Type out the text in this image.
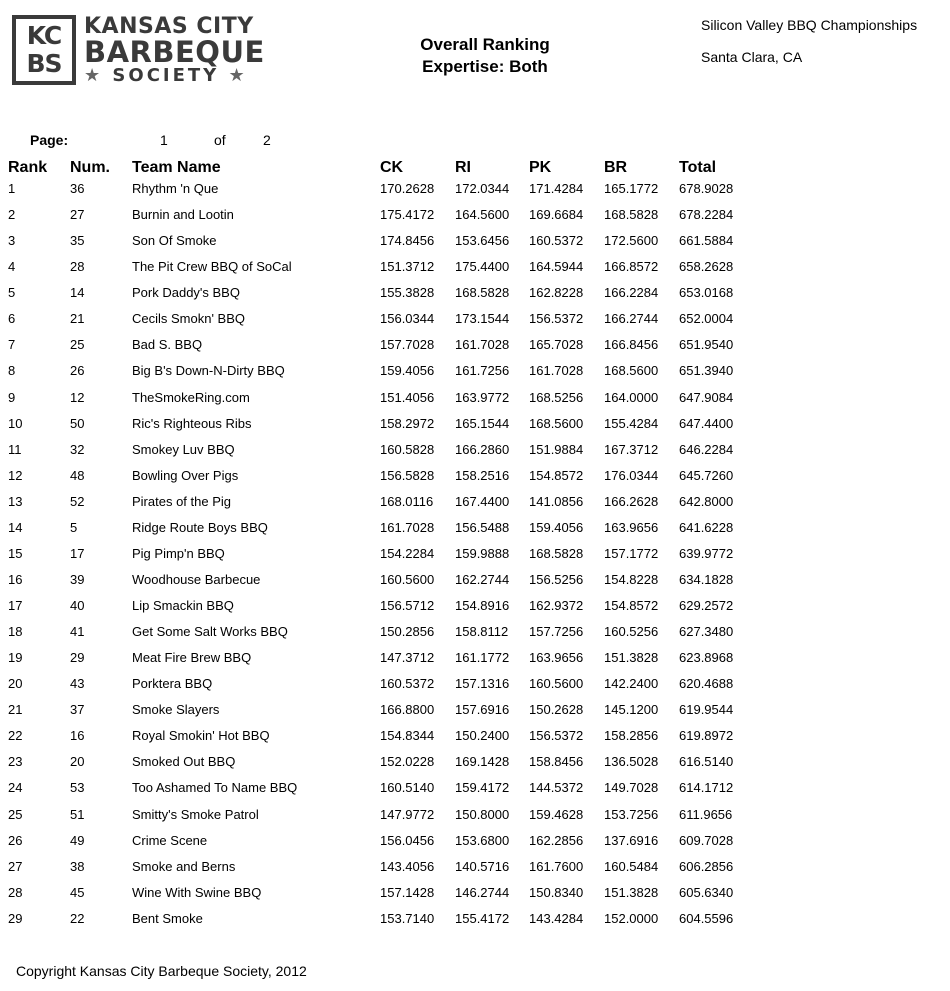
KC
BS
KANSAS CITY
BARBEQUE
★ SOCIETY ★
Overall Ranking
Expertise: Both
Silicon Valley BBQ Championships
Santa Clara, CA
Page:	1	of	2
Rank Num. Team Name	CK	RI	PK	BR	Total
1	36	Rhythm 'n Que	170.2628 172.0344 171.4284 165.1772 678.9028
2	27	Burnin and Lootin	175.4172 164.5600 169.6684 168.5828 678.2284
3	35	Son Of Smoke	174.8456 153.6456 160.5372 172.5600 661.5884
4	28	The Pit Crew BBQ of SoCal	151.3712 175.4400 164.5944 166.8572 658.2628
5	14	Pork Daddy's BBQ	155.3828 168.5828 162.8228 166.2284 653.0168
6	21	Cecils Smokn' BBQ	156.0344 173.1544 156.5372 166.2744 652.0004
7	25	Bad S. BBQ	157.7028 161.7028 165.7028 166.8456 651.9540
8	26	Big B's Down-N-Dirty BBQ	159.4056 161.7256 161.7028 168.5600 651.3940
9	12	TheSmokeRing.com	151.4056 163.9772 168.5256 164.0000 647.9084
10	50	Ric's Righteous Ribs	158.2972 165.1544 168.5600 155.4284 647.4400
11	32	Smokey Luv BBQ	160.5828 166.2860 151.9884 167.3712 646.2284
12	48	Bowling Over Pigs	156.5828 158.2516 154.8572 176.0344 645.7260
13	52	Pirates of the Pig	168.0116 167.4400 141.0856 166.2628 642.8000
14	5	Ridge Route Boys BBQ	161.7028 156.5488 159.4056 163.9656 641.6228
15	17	Pig Pimp'n BBQ	154.2284 159.9888 168.5828 157.1772 639.9772
16	39	Woodhouse Barbecue	160.5600 162.2744 156.5256 154.8228 634.1828
17	40	Lip Smackin BBQ	156.5712 154.8916 162.9372 154.8572 629.2572
18	41	Get Some Salt Works BBQ	150.2856 158.8112 157.7256 160.5256 627.3480
19	29	Meat Fire Brew BBQ	147.3712 161.1772 163.9656 151.3828 623.8968
20	43	Porktera BBQ	160.5372 157.1316 160.5600 142.2400 620.4688
21	37	Smoke Slayers	166.8800 157.6916 150.2628 145.1200 619.9544
22	16	Royal Smokin' Hot BBQ	154.8344 150.2400 156.5372 158.2856 619.8972
23	20	Smoked Out BBQ	152.0228 169.1428 158.8456 136.5028 616.5140
24	53	Too Ashamed To Name BBQ	160.5140 159.4172 144.5372 149.7028 614.1712
25	51	Smitty's Smoke Patrol	147.9772 150.8000 159.4628 153.7256 611.9656
26	49	Crime Scene	156.0456 153.6800 162.2856 137.6916 609.7028
27	38	Smoke and Berns	143.4056 140.5716 161.7600 160.5484 606.2856
28	45	Wine With Swine BBQ	157.1428 146.2744 150.8340 151.3828 605.6340
29	22	Bent Smoke	153.7140 155.4172 143.4284 152.0000 604.5596
Copyright Kansas City Barbeque Society, 2012
